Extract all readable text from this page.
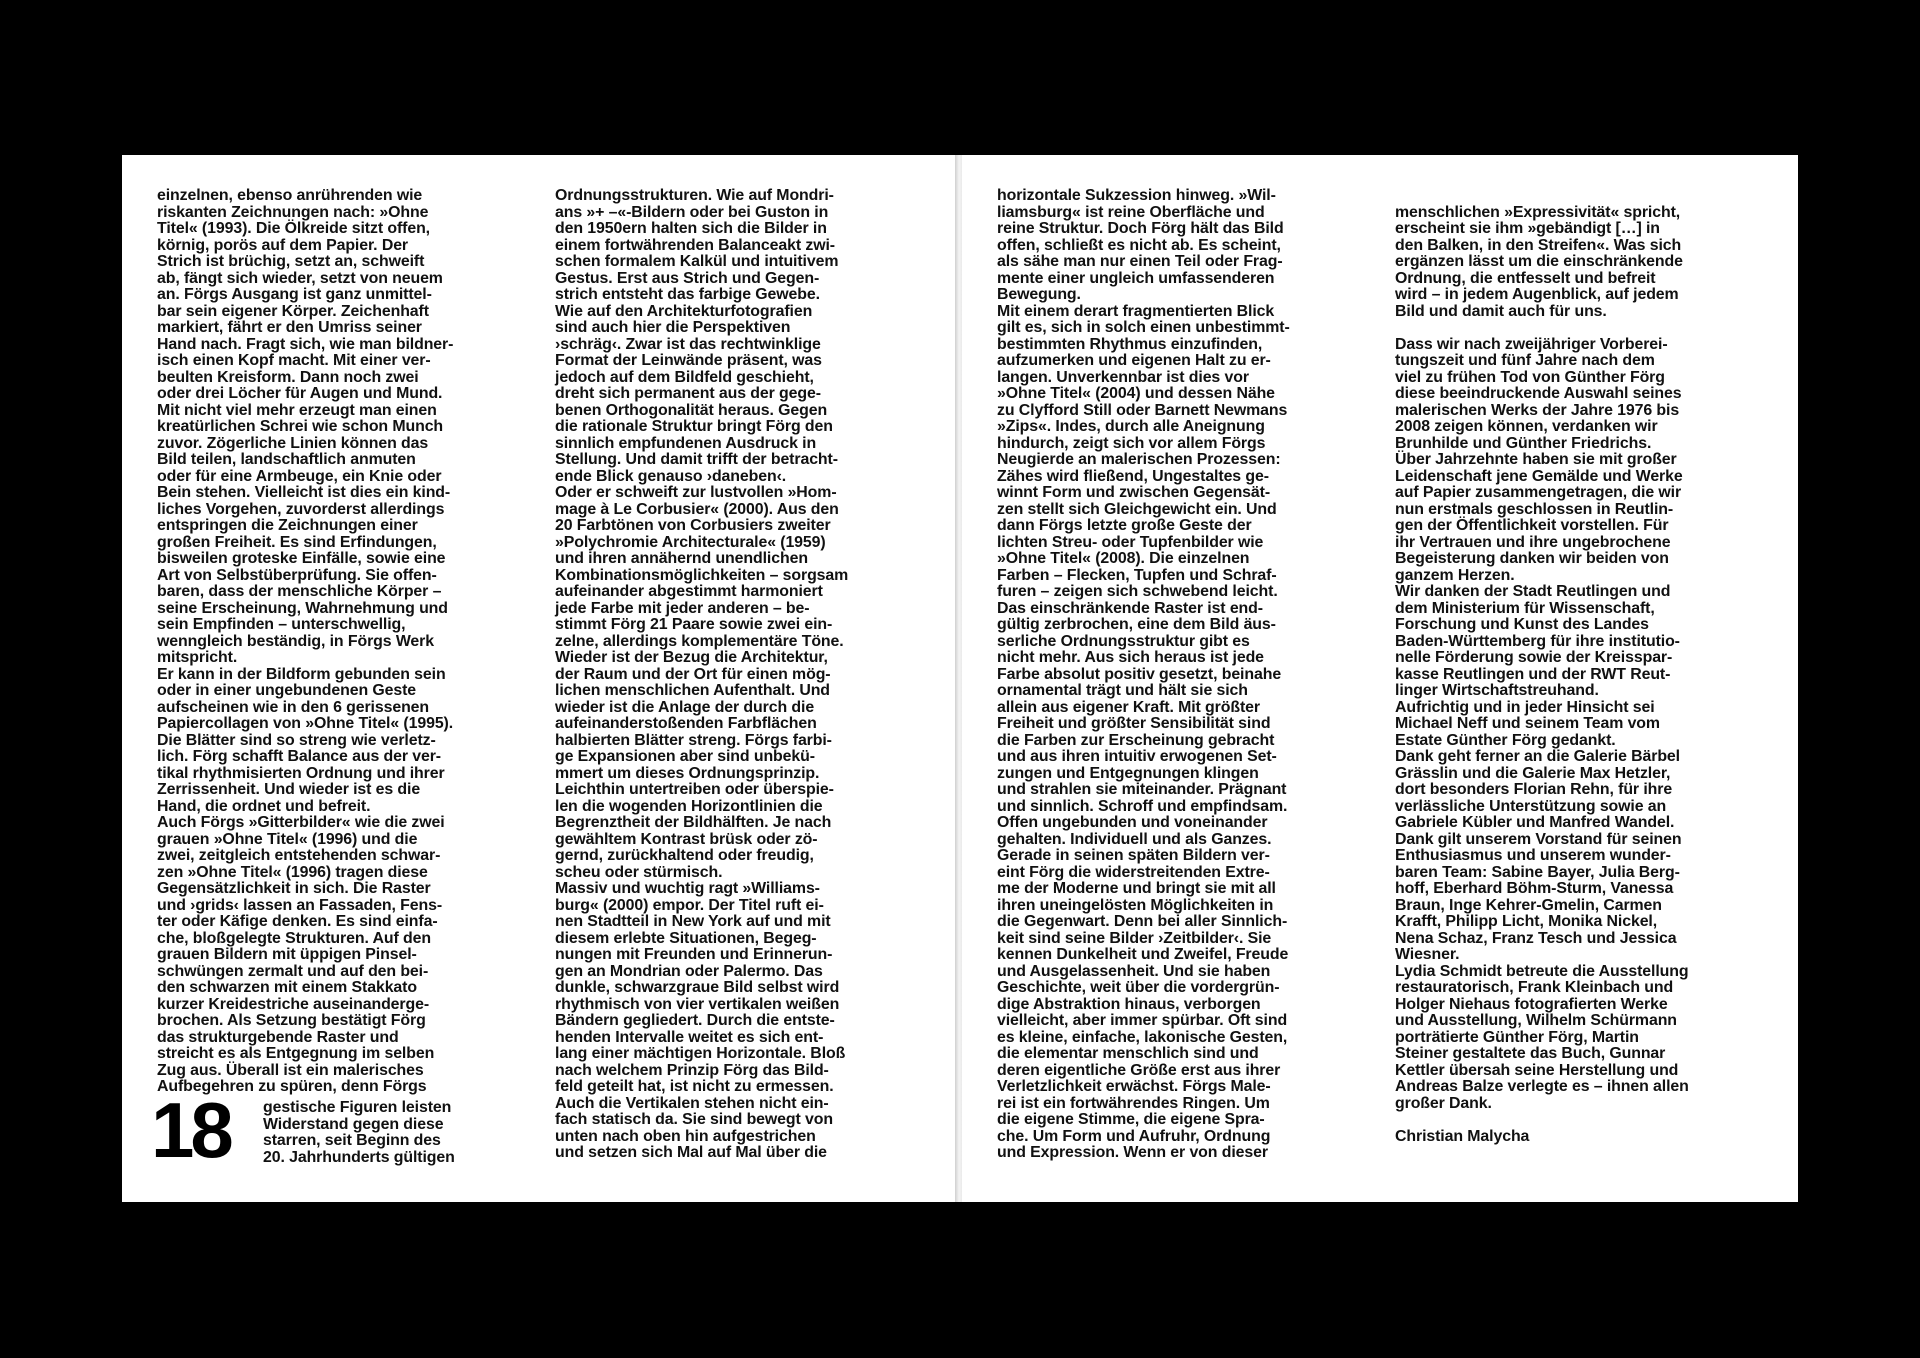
einzelnen, ebenso anrührenden wie
riskanten Zeichnungen nach: »Ohne
Titel« (1993). Die Ölkreide sitzt offen,
körnig, porös auf dem Papier. Der
Strich ist brüchig, setzt an, schweift
ab, fängt sich wieder, setzt von neuem
an. Förgs Ausgang ist ganz unmittel-
bar sein eigener Körper. Zeichenhaft
markiert, fährt er den Umriss seiner
Hand nach. Fragt sich, wie man bildner-
isch einen Kopf macht. Mit einer ver-
beulten Kreisform. Dann noch zwei
oder drei Löcher für Augen und Mund.
Mit nicht viel mehr erzeugt man einen
kreatürlichen Schrei wie schon Munch
zuvor. Zögerliche Linien können das
Bild teilen, landschaftlich anmuten
oder für eine Armbeuge, ein Knie oder
Bein stehen. Vielleicht ist dies ein kind-
liches Vorgehen, zuvorderst allerdings
entspringen die Zeichnungen einer
großen Freiheit. Es sind Erfindungen,
bisweilen groteske Einfälle, sowie eine
Art von Selbstüberprüfung. Sie offen-
baren, dass der menschliche Körper –
seine Erscheinung, Wahrnehmung und
sein Empfinden – unterschwellig,
wenngleich beständig, in Förgs Werk
mitspricht.
Er kann in der Bildform gebunden sein
oder in einer ungebundenen Geste
aufscheinen wie in den 6 gerissenen
Papiercollagen von »Ohne Titel« (1995).
Die Blätter sind so streng wie verletz-
lich. Förg schafft Balance aus der ver-
tikal rhythmisierten Ordnung und ihrer
Zerrissenheit. Und wieder ist es die
Hand, die ordnet und befreit.
Auch Förgs »Gitterbilder« wie die zwei
grauen »Ohne Titel« (1996) und die
zwei, zeitgleich entstehenden schwar-
zen »Ohne Titel« (1996) tragen diese
Gegensätzlichkeit in sich. Die Raster
und ›grids‹ lassen an Fassaden, Fens-
ter oder Käfige denken. Es sind einfa-
che, bloßgelegte Strukturen. Auf den
grauen Bildern mit üppigen Pinsel-
schwüngen zermalt und auf den bei-
den schwarzen mit einem Stakkato
kurzer Kreidestriche auseinanderge-
brochen. Als Setzung bestätigt Förg
das strukturgebende Raster und
streicht es als Entgegnung im selben
Zug aus. Überall ist ein malerisches
Aufbegehren zu spüren, denn Förgs
18 gestische Figuren leisten
Widerstand gegen diese
starren, seit Beginn des
20. Jahrhunderts gültigen
Ordnungsstrukturen. Wie auf Mondri-
ans »+ –«-Bildern oder bei Guston in
den 1950ern halten sich die Bilder in
einem fortwährenden Balanceakt zwi-
schen formalem Kalkül und intuitivem
Gestus. Erst aus Strich und Gegen-
strich entsteht das farbige Gewebe.
Wie auf den Architekturfotografien
sind auch hier die Perspektiven
›schräg‹. Zwar ist das rechtwinklige
Format der Leinwände präsent, was
jedoch auf dem Bildfeld geschieht,
dreht sich permanent aus der gege-
benen Orthogonalität heraus. Gegen
die rationale Struktur bringt Förg den
sinnlich empfundenen Ausdruck in
Stellung. Und damit trifft der betracht-
ende Blick genauso ›daneben‹.
Oder er schweift zur lustvollen »Hom-
mage à Le Corbusier« (2000). Aus den
20 Farbtönen von Corbusiers zweiter
»Polychromie Architecturale« (1959)
und ihren annähernd unendlichen
Kombinationsmöglichkeiten – sorgsam
aufeinander abgestimmt harmoniert
jede Farbe mit jeder anderen – be-
stimmt Förg 21 Paare sowie zwei ein-
zelne, allerdings komplementäre Töne.
Wieder ist der Bezug die Architektur,
der Raum und der Ort für einen mög-
lichen menschlichen Aufenthalt. Und
wieder ist die Anlage der durch die
aufeinanderstoßenden Farbflächen
halbierten Blätter streng. Förgs farbi-
ge Expansionen aber sind unbekü-
mmert um dieses Ordnungsprinzip.
Leichthin untertreiben oder überspie-
len die wogenden Horizontlinien die
Begrenztheit der Bildhälften. Je nach
gewähltem Kontrast brüsk oder zö-
gernd, zurückhaltend oder freudig,
scheu oder stürmisch.
Massiv und wuchtig ragt »Williams-
burg« (2000) empor. Der Titel ruft ei-
nen Stadtteil in New York auf und mit
diesem erlebte Situationen, Begeg-
nungen mit Freunden und Erinnerun-
gen an Mondrian oder Palermo. Das
dunkle, schwarzgraue Bild selbst wird
rhythmisch von vier vertikalen weißen
Bändern gegliedert. Durch die entste-
henden Intervalle weitet es sich ent-
lang einer mächtigen Horizontale. Bloß
nach welchem Prinzip Förg das Bild-
feld geteilt hat, ist nicht zu ermessen.
Auch die Vertikalen stehen nicht ein-
fach statisch da. Sie sind bewegt von
unten nach oben hin aufgestrichen
und setzen sich Mal auf Mal über die
horizontale Sukzession hinweg. »Wil-
liamsburg« ist reine Oberfläche und
reine Struktur. Doch Förg hält das Bild
offen, schließt es nicht ab. Es scheint,
als sähe man nur einen Teil oder Frag-
mente einer ungleich umfassenderen
Bewegung.
Mit einem derart fragmentierten Blick
gilt es, sich in solch einen unbestimmt-
bestimmten Rhythmus einzufinden,
aufzumerken und eigenen Halt zu er-
langen. Unverkennbar ist dies vor
»Ohne Titel« (2004) und dessen Nähe
zu Clyfford Still oder Barnett Newmans
»Zips«. Indes, durch alle Aneignung
hindurch, zeigt sich vor allem Förgs
Neugierde an malerischen Prozessen:
Zähes wird fließend, Ungestaltes ge-
winnt Form und zwischen Gegensät-
zen stellt sich Gleichgewicht ein. Und
dann Förgs letzte große Geste der
lichten Streu- oder Tupfenbilder wie
»Ohne Titel« (2008). Die einzelnen
Farben – Flecken, Tupfen und Schraf-
furen – zeigen sich schwebend leicht.
Das einschränkende Raster ist end-
gültig zerbrochen, eine dem Bild äus-
serliche Ordnungsstruktur gibt es
nicht mehr. Aus sich heraus ist jede
Farbe absolut positiv gesetzt, beinahe
ornamental trägt und hält sie sich
allein aus eigener Kraft. Mit größter
Freiheit und größter Sensibilität sind
die Farben zur Erscheinung gebracht
und aus ihren intuitiv erwogenen Set-
zungen und Entgegnungen klingen
und strahlen sie miteinander. Prägnant
und sinnlich. Schroff und empfindsam.
Offen ungebunden und voneinander
gehalten. Individuell und als Ganzes.
Gerade in seinen späten Bildern ver-
eint Förg die widerstreitenden Extre-
me der Moderne und bringt sie mit all
ihren uneingelösten Möglichkeiten in
die Gegenwart. Denn bei aller Sinnlich-
keit sind seine Bilder ›Zeitbilder‹. Sie
kennen Dunkelheit und Zweifel, Freude
und Ausgelassenheit. Und sie haben
Geschichte, weit über die vordergrün-
dige Abstraktion hinaus, verborgen
vielleicht, aber immer spürbar. Oft sind
es kleine, einfache, lakonische Gesten,
die elementar menschlich sind und
deren eigentliche Größe erst aus ihrer
Verletzlichkeit erwächst. Förgs Male-
rei ist ein fortwährendes Ringen. Um
die eigene Stimme, die eigene Spra-
che. Um Form und Aufruhr, Ordnung
und Expression. Wenn er von dieser

menschlichen »Expressivität« spricht,
erscheint sie ihm »gebändigt […] in
den Balken, in den Streifen«. Was sich
ergänzen lässt um die einschränkende
Ordnung, die entfesselt und befreit
wird – in jedem Augenblick, auf jedem
Bild und damit auch für uns.

Dass wir nach zweijähriger Vorberei-
tungszeit und fünf Jahre nach dem
viel zu frühen Tod von Günther Förg
diese beeindruckende Auswahl seines
malerischen Werks der Jahre 1976 bis
2008 zeigen können, verdanken wir
Brunhilde und Günther Friedrichs.
Über Jahrzehnte haben sie mit großer
Leidenschaft jene Gemälde und Werke
auf Papier zusammengetragen, die wir
nun erstmals geschlossen in Reutlin-
gen der Öffentlichkeit vorstellen. Für
ihr Vertrauen und ihre ungebrochene
Begeisterung danken wir beiden von
ganzem Herzen.
Wir danken der Stadt Reutlingen und
dem Ministerium für Wissenschaft,
Forschung und Kunst des Landes
Baden-Württemberg für ihre institutio-
nelle Förderung sowie der Kreisspar-
kasse Reutlingen und der RWT Reut-
linger Wirtschaftstreuhand.
Aufrichtig und in jeder Hinsicht sei
Michael Neff und seinem Team vom
Estate Günther Förg gedankt.
Dank geht ferner an die Galerie Bärbel
Grässlin und die Galerie Max Hetzler,
dort besonders Florian Rehn, für ihre
verlässliche Unterstützung sowie an
Gabriele Kübler und Manfred Wandel.
Dank gilt unserem Vorstand für seinen
Enthusiasmus und unserem wunder-
baren Team: Sabine Bayer, Julia Berg-
hoff, Eberhard Böhm-Sturm, Vanessa
Braun, Inge Kehrer-Gmelin, Carmen
Krafft, Philipp Licht, Monika Nickel,
Nena Schaz, Franz Tesch und Jessica
Wiesner.
Lydia Schmidt betreute die Ausstellung
restauratorisch, Frank Kleinbach und
Holger Niehaus fotografierten Werke
und Ausstellung, Wilhelm Schürmann
porträtierte Günther Förg, Martin
Steiner gestaltete das Buch, Gunnar
Kettler übersah seine Herstellung und
Andreas Balze verlegte es – ihnen allen
großer Dank.

Christian Malycha
